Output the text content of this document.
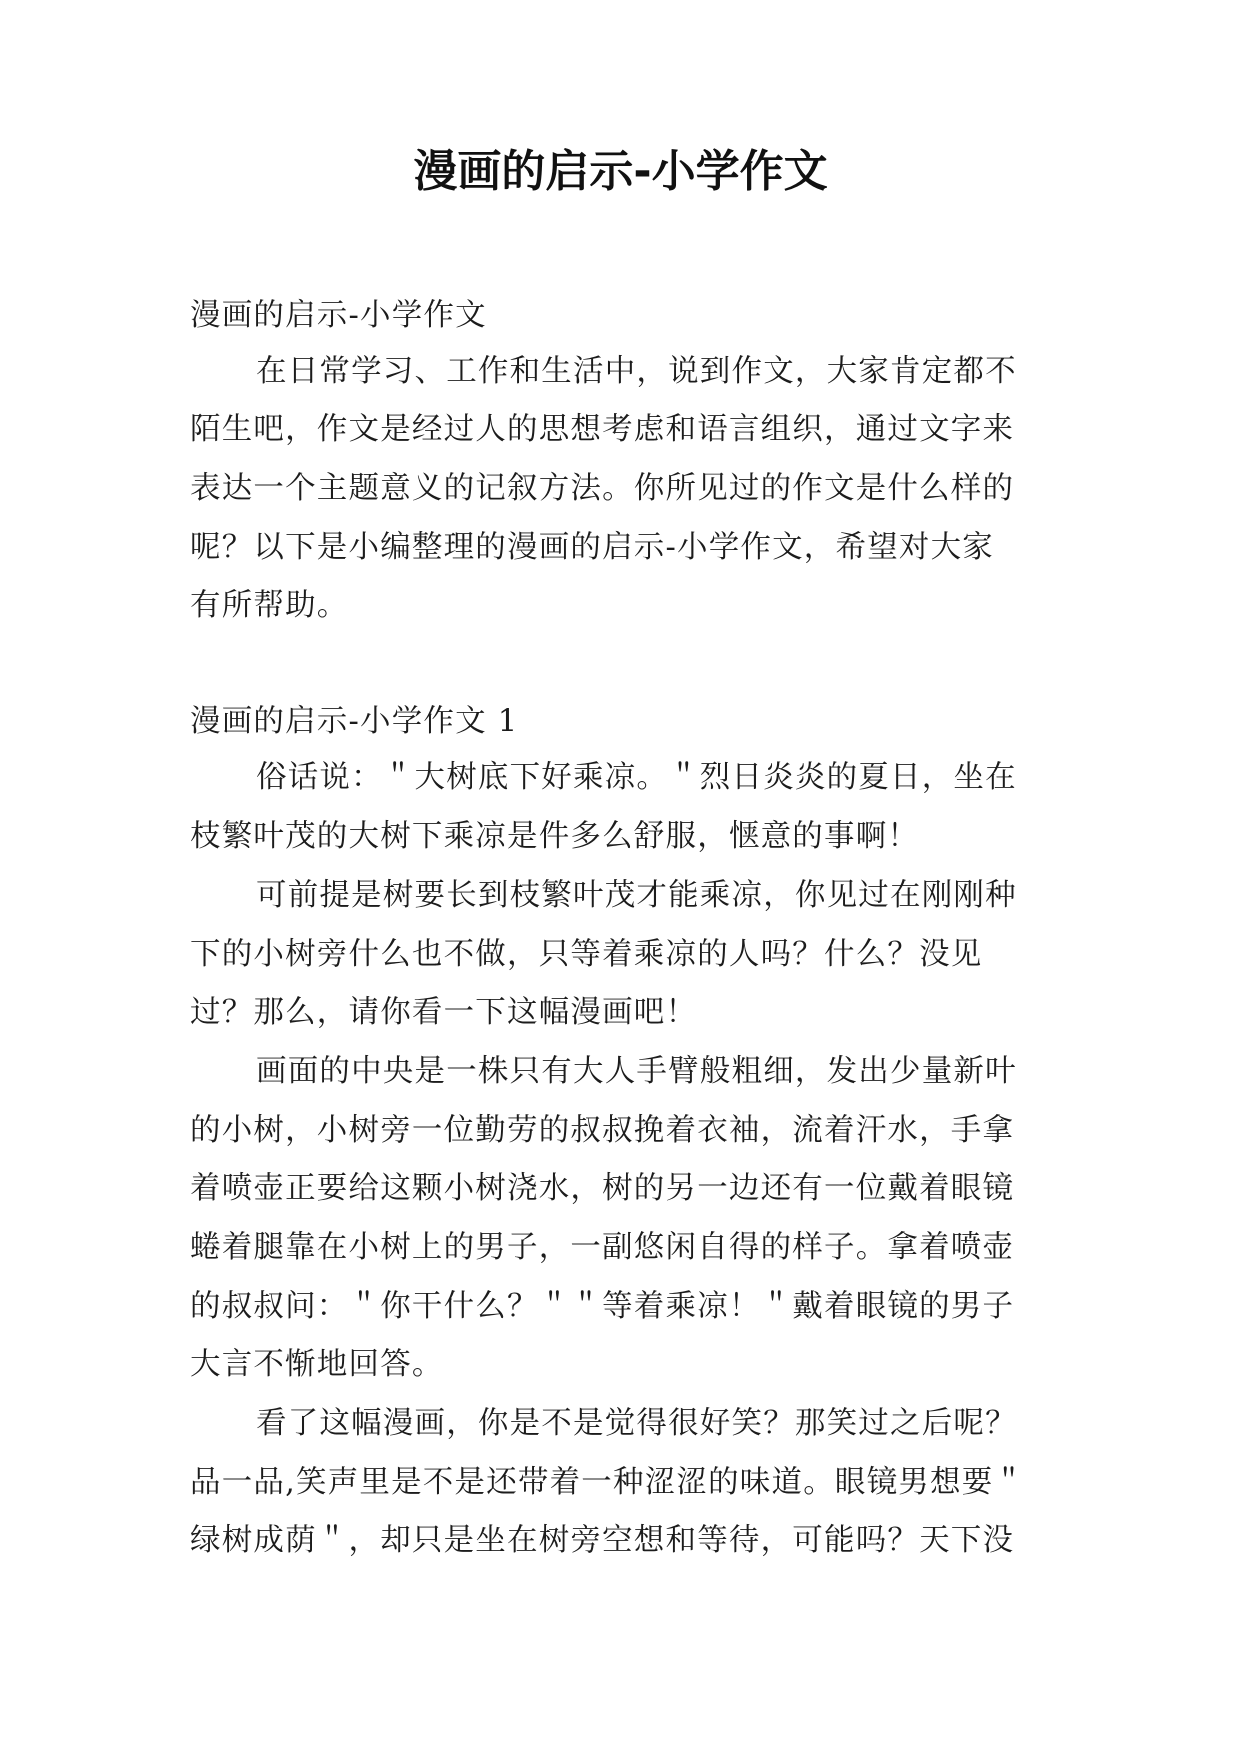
漫画的启示-小学作文
漫画的启示-小学作文
在日常学习、工作和生活中，说到作文，大家肯定都不
陌生吧，作文是经过人的思想考虑和语言组织，通过文字来
表达一个主题意义的记叙方法。你所见过的作文是什么样的
呢？以下是小编整理的漫画的启示-小学作文，希望对大家
有所帮助。
漫画的启示-小学作文 1
俗话说：＂大树底下好乘凉。＂烈日炎炎的夏日，坐在
枝繁叶茂的大树下乘凉是件多么舒服，惬意的事啊！
可前提是树要长到枝繁叶茂才能乘凉，你见过在刚刚种
下的小树旁什么也不做，只等着乘凉的人吗？什么？没见
过？那么，请你看一下这幅漫画吧！
画面的中央是一株只有大人手臂般粗细，发出少量新叶
的小树，小树旁一位勤劳的叔叔挽着衣袖，流着汗水，手拿
着喷壶正要给这颗小树浇水，树的另一边还有一位戴着眼镜
蜷着腿靠在小树上的男子，一副悠闲自得的样子。拿着喷壶
的叔叔问：＂你干什么？＂＂等着乘凉！＂戴着眼镜的男子
大言不惭地回答。
看了这幅漫画，你是不是觉得很好笑？那笑过之后呢？
品一品,笑声里是不是还带着一种涩涩的味道。眼镜男想要＂
绿树成荫＂，却只是坐在树旁空想和等待，可能吗？天下没
